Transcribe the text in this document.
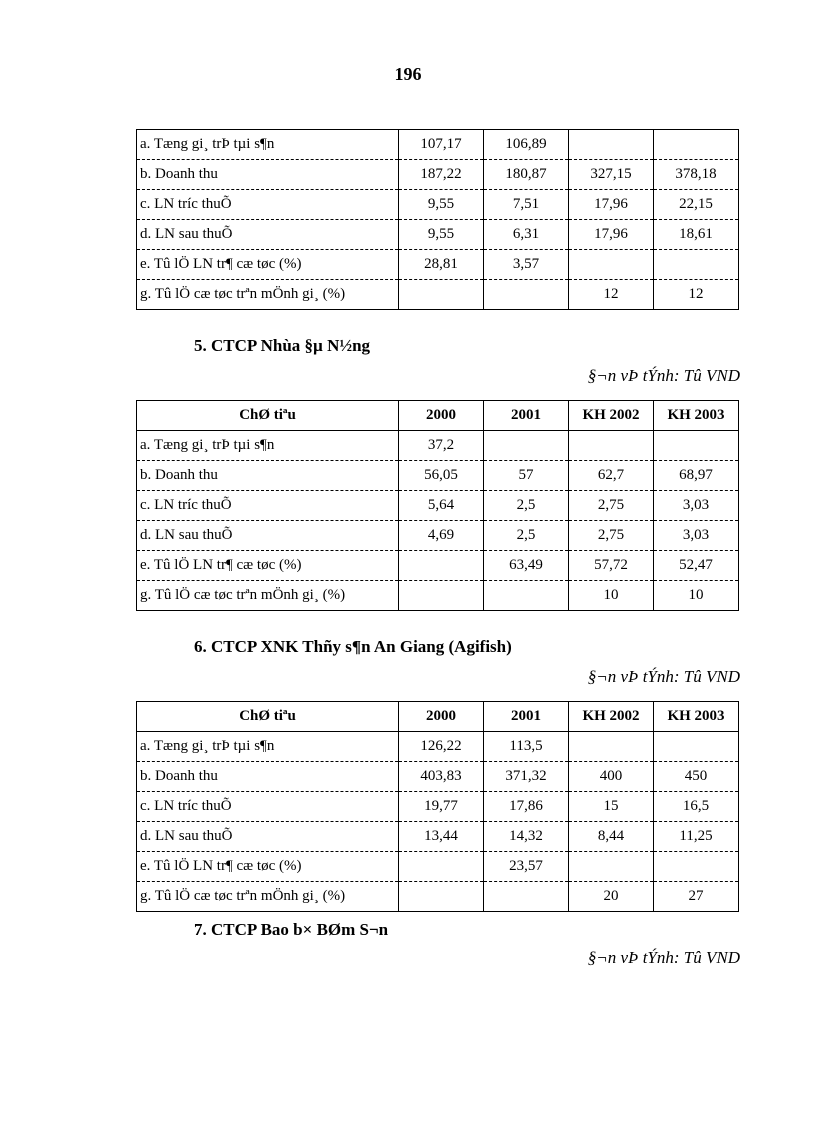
196
a. Tæng gi¸ trÞ tµi s¶n	107,17	106,89		
b. Doanh thu	187,22	180,87	327,15	378,18
c. LN tríc thuÕ	9,55	7,51	17,96	22,15
d. LN sau thuÕ	9,55	6,31	17,96	18,61
e. Tû lÖ LN tr¶ cæ tøc (%)	28,81	3,57		
g. Tû lÖ cæ tøc trªn mÖnh gi¸ (%)			12	12
5. CTCP Nhùa §µ N½ng
§¬n vÞ tÝnh: Tû VND
ChØ tiªu	2000	2001	KH 2002	KH 2003
a. Tæng gi¸ trÞ tµi s¶n	37,2			
b. Doanh thu	56,05	57	62,7	68,97
c. LN tríc thuÕ	5,64	2,5	2,75	3,03
d. LN sau thuÕ	4,69	2,5	2,75	3,03
e. Tû lÖ LN tr¶ cæ tøc (%)		63,49	57,72	52,47
g. Tû lÖ cæ tøc trªn mÖnh gi¸ (%)			10	10
6. CTCP XNK Thñy s¶n An Giang (Agifish)
§¬n vÞ tÝnh: Tû VND
ChØ tiªu	2000	2001	KH 2002	KH 2003
a. Tæng gi¸ trÞ tµi s¶n	126,22	113,5		
b. Doanh thu	403,83	371,32	400	450
c. LN tríc thuÕ	19,77	17,86	15	16,5
d. LN sau thuÕ	13,44	14,32	8,44	11,25
e. Tû lÖ LN tr¶ cæ tøc (%)		23,57		
g. Tû lÖ cæ tøc trªn mÖnh gi¸ (%)			20	27
7. CTCP Bao b× BØm S¬n
§¬n vÞ tÝnh: Tû VND
